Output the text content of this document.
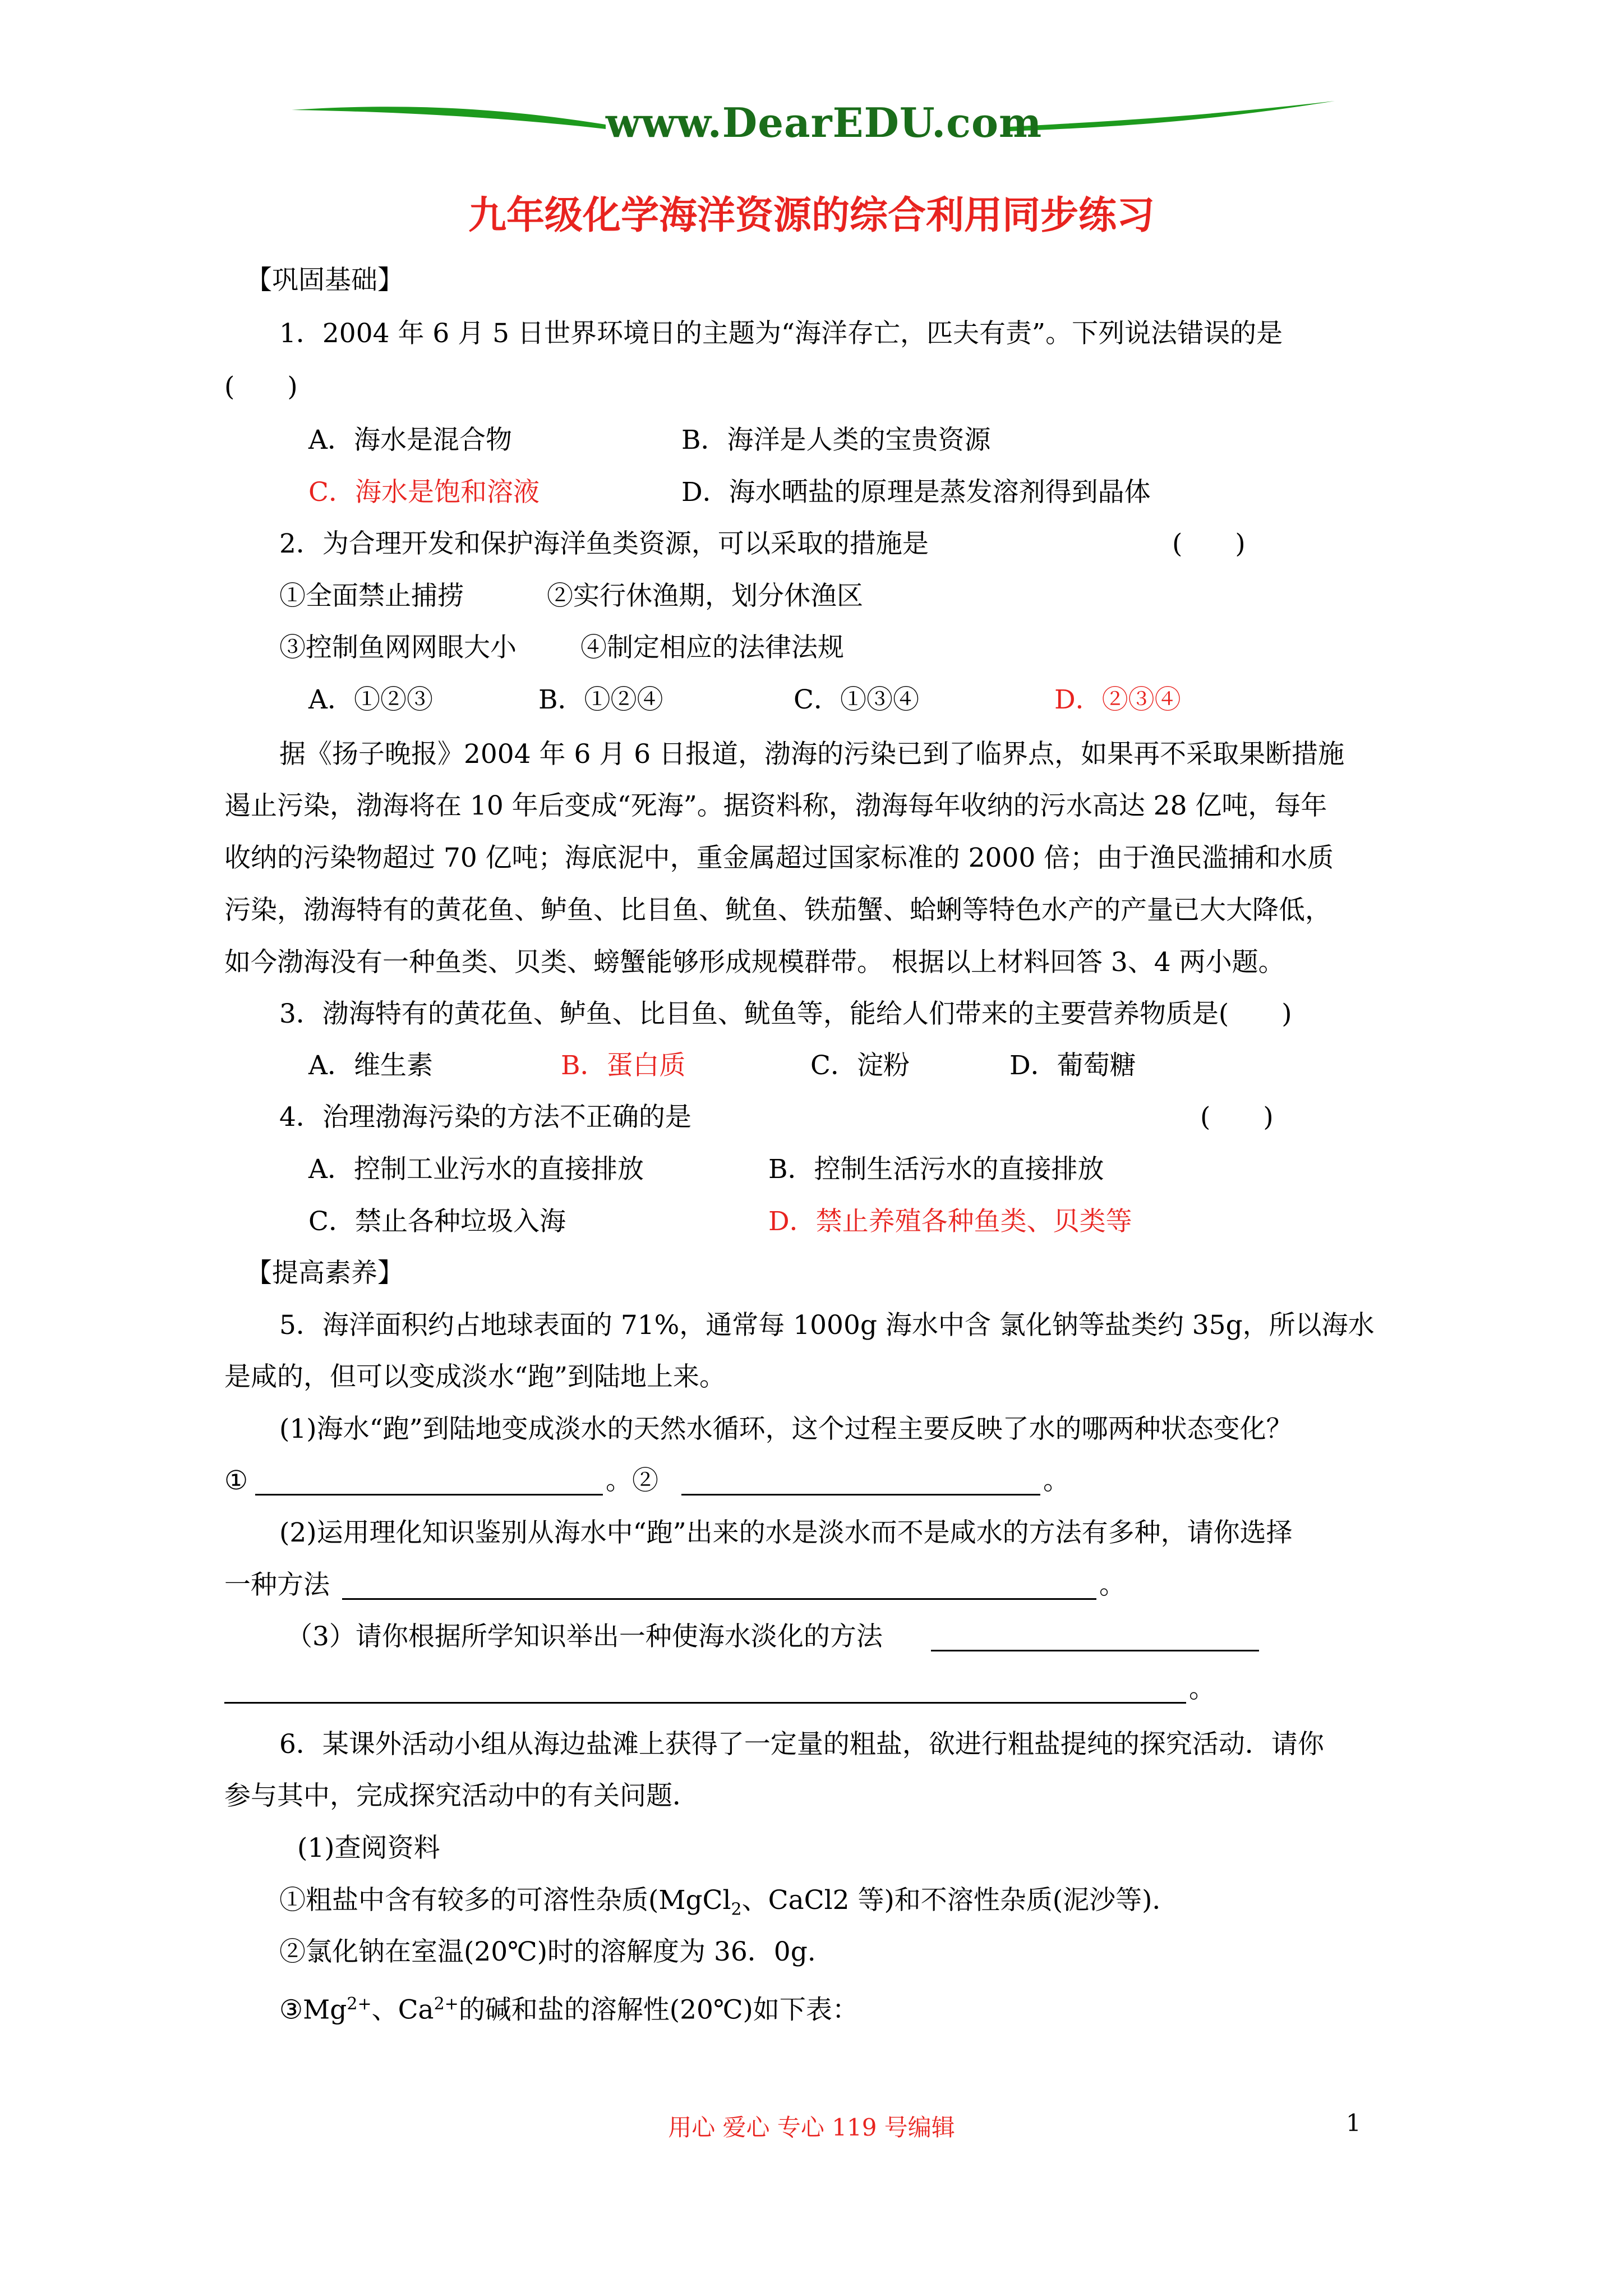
www.DearEDU.com
九年级化学海洋资源的综合利用同步练习
【巩固基础】
1．2004 年 6 月 5 日世界环境日的主题为“海洋存亡，匹夫有责”。下列说法错误的是
(　　)
A．海水是混合物	B．海洋是人类的宝贵资源
C．海水是饱和溶液	D．海水晒盐的原理是蒸发溶剂得到晶体
2．为合理开发和保护海洋鱼类资源，可以采取的措施是	(　　)
①全面禁止捕捞	②实行休渔期，划分休渔区
③控制鱼网网眼大小 ④制定相应的法律法规
A．①②③	B．①②④	C．①③④	D．②③④
据《扬子晚报》2004 年 6 月 6 日报道，渤海的污染已到了临界点，如果再不采取果断措施
遏止污染，渤海将在 10 年后变成“死海”。据资料称，渤海每年收纳的污水高达 28 亿吨，每年
收纳的污染物超过 70 亿吨；海底泥中，重金属超过国家标准的 2000 倍；由于渔民滥捕和水质
污染，渤海特有的黄花鱼、鲈鱼、比目鱼、鱿鱼、铁茄蟹、蛤蜊等特色水产的产量已大大降低，
如今渤海没有一种鱼类、贝类、螃蟹能够形成规模群带。 根据以上材料回答 3、4 两小题。
3．渤海特有的黄花鱼、鲈鱼、比目鱼、鱿鱼等，能给人们带来的主要营养物质是(　　)
A．维生素	B．蛋白质	C．淀粉	D．葡萄糖
4．治理渤海污染的方法不正确的是	(　　)
A．控制工业污水的直接排放	B．控制生活污水的直接排放
C．禁止各种垃圾入海	D．禁止养殖各种鱼类、贝类等
【提高素养】
5．海洋面积约占地球表面的 71%，通常每 1000g 海水中含 氯化钠等盐类约 35g，所以海水
是咸的，但可以变成淡水“跑”到陆地上来。
(1)海水“跑”到陆地变成淡水的天然水循环，这个过程主要反映了水的哪两种状态变化？
①	。②	。
(2)运用理化知识鉴别从海水中“跑”出来的水是淡水而不是咸水的方法有多种，请你选择
一种方法	。
（3）请你根据所学知识举出一种使海水淡化的方法
。
6．某课外活动小组从海边盐滩上获得了一定量的粗盐，欲进行粗盐提纯的探究活动．请你
参与其中，完成探究活动中的有关问题．
(1)查阅资料
①粗盐中含有较多的可溶性杂质(MgCl$_2$、CaCl2 等)和不溶性杂质(泥沙等)．
②氯化钠在室温(20℃)时的溶解度为 36．0g.
$③Mg^{2+}$、$Ca^{2+}$的碱和盐的溶解性(20℃)如下表：
用心 爱心 专心 119 号编辑	1
